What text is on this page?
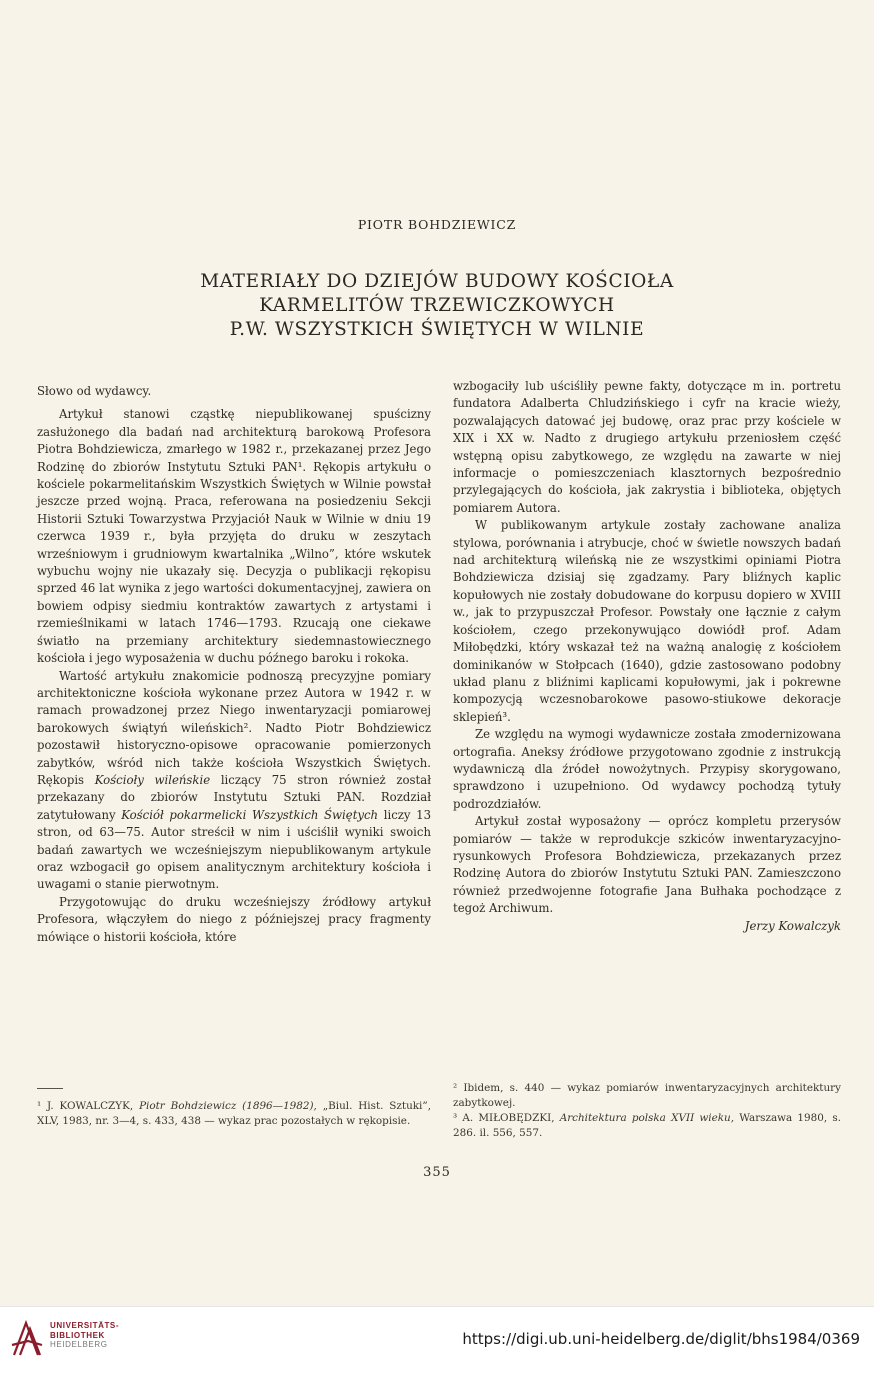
PIOTR BOHDZIEWICZ
MATERIAŁY DO DZIEJÓW BUDOWY KOŚCIOŁA
KARMELITÓW TRZEWICZKOWYCH
P.W. WSZYSTKICH ŚWIĘTYCH W WILNIE

Słowo od wydawcy.

Artykuł stanowi cząstkę niepublikowanej spuścizny zasłużonego dla badań nad architekturą barokową Profesora Piotra Bohdziewicza, zmarłego w 1982 r., przekazanej przez Jego Rodzinę do zbiorów Instytutu Sztuki PAN¹. Rękopis artykułu o kościele pokarmelitańskim Wszystkich Świętych w Wilnie powstał jeszcze przed wojną. Praca, referowana na posiedzeniu Sekcji Historii Sztuki Towarzystwa Przyjaciół Nauk w Wilnie w dniu 19 czerwca 1939 r., była przyjęta do druku w zeszytach wrześniowym i grudniowym kwartalnika „Wilno”, które wskutek wybuchu wojny nie ukazały się. Decyzja o publikacji rękopisu sprzed 46 lat wynika z jego wartości dokumentacyjnej, zawiera on bowiem odpisy siedmiu kontraktów zawartych z artystami i rzemieślnikami w latach 1746—1793. Rzucają one ciekawe światło na przemiany architektury siedemnastowiecznego kościoła i jego wyposażenia w duchu późnego baroku i rokoka.

Wartość artykułu znakomicie podnoszą precyzyjne pomiary architektoniczne kościoła wykonane przez Autora w 1942 r. w ramach prowadzonej przez Niego inwentaryzacji pomiarowej barokowych świątyń wileńskich². Nadto Piotr Bohdziewicz pozostawił historyczno-opisowe opracowanie pomierzonych zabytków, wśród nich także kościoła Wszystkich Świętych. Rękopis Kościoły wileńskie liczący 75 stron również został przekazany do zbiorów Instytutu Sztuki PAN. Rozdział zatytułowany Kościół pokarmelicki Wszystkich Świętych liczy 13 stron, od 63—75. Autor streścił w nim i uściślił wyniki swoich badań zawartych we wcześniejszym niepublikowanym artykule oraz wzbogacił go opisem analitycznym architektury kościoła i uwagami o stanie pierwotnym.

Przygotowując do druku wcześniejszy źródłowy artykuł Profesora, włączyłem do niego z późniejszej pracy fragmenty mówiące o historii kościoła, które

wzbogaciły lub uściśliły pewne fakty, dotyczące m in. portretu fundatora Adalberta Chludzińskiego i cyfr na kracie wieży, pozwalających datować jej budowę, oraz prac przy kościele w XIX i XX w. Nadto z drugiego artykułu przeniosłem część wstępną opisu zabytkowego, ze względu na zawarte w niej informacje o pomieszczeniach klasztornych bezpośrednio przylegających do kościoła, jak zakrystia i biblioteka, objętych pomiarem Autora.

W publikowanym artykule zostały zachowane analiza stylowa, porównania i atrybucje, choć w świetle nowszych badań nad architekturą wileńską nie ze wszystkimi opiniami Piotra Bohdziewicza dzisiaj się zgadzamy. Pary bliźnych kaplic kopułowych nie zostały dobudowane do korpusu dopiero w XVIII w., jak to przypuszczał Profesor. Powstały one łącznie z całym kościołem, czego przekonywująco dowiódł prof. Adam Miłobędzki, który wskazał też na ważną analogię z kościołem dominikanów w Stołpcach (1640), gdzie zastosowano podobny układ planu z bliźnimi kaplicami kopułowymi, jak i pokrewne kompozycją wczesnobarokowe pasowo-stiukowe dekoracje sklepień³.

Ze względu na wymogi wydawnicze została zmodernizowana ortografia. Aneksy źródłowe przygotowano zgodnie z instrukcją wydawniczą dla źródeł nowożytnych. Przypisy skorygowano, sprawdzono i uzupełniono. Od wydawcy pochodzą tytuły podrozdziałów.

Artykuł został wyposażony — oprócz kompletu przerysów pomiarów — także w reprodukcje szkiców inwentaryzacyjno-rysunkowych Profesora Bohdziewicza, przekazanych przez Rodzinę Autora do zbiorów Instytutu Sztuki PAN. Zamieszczono również przedwojenne fotografie Jana Bułhaka pochodzące z tegoż Archiwum.

Jerzy Kowalczyk

¹ J. KOWALCZYK, Piotr Bohdziewicz (1896—1982), „Biul. Hist. Sztuki”, XLV, 1983, nr. 3—4, s. 433, 438 — wykaz prac pozostałych w rękopisie.

² Ibidem, s. 440 — wykaz pomiarów inwentaryzacyjnych architektury zabytkowej.

³ A. MIŁOBĘDZKI, Architektura polska XVII wieku, Warszawa 1980, s. 286. il. 556, 557.

355
UNIVERSITÄTS-
BIBLIOTHEK
HEIDELBERG	https://digi.ub.uni-heidelberg.de/diglit/bhs1984/0369
